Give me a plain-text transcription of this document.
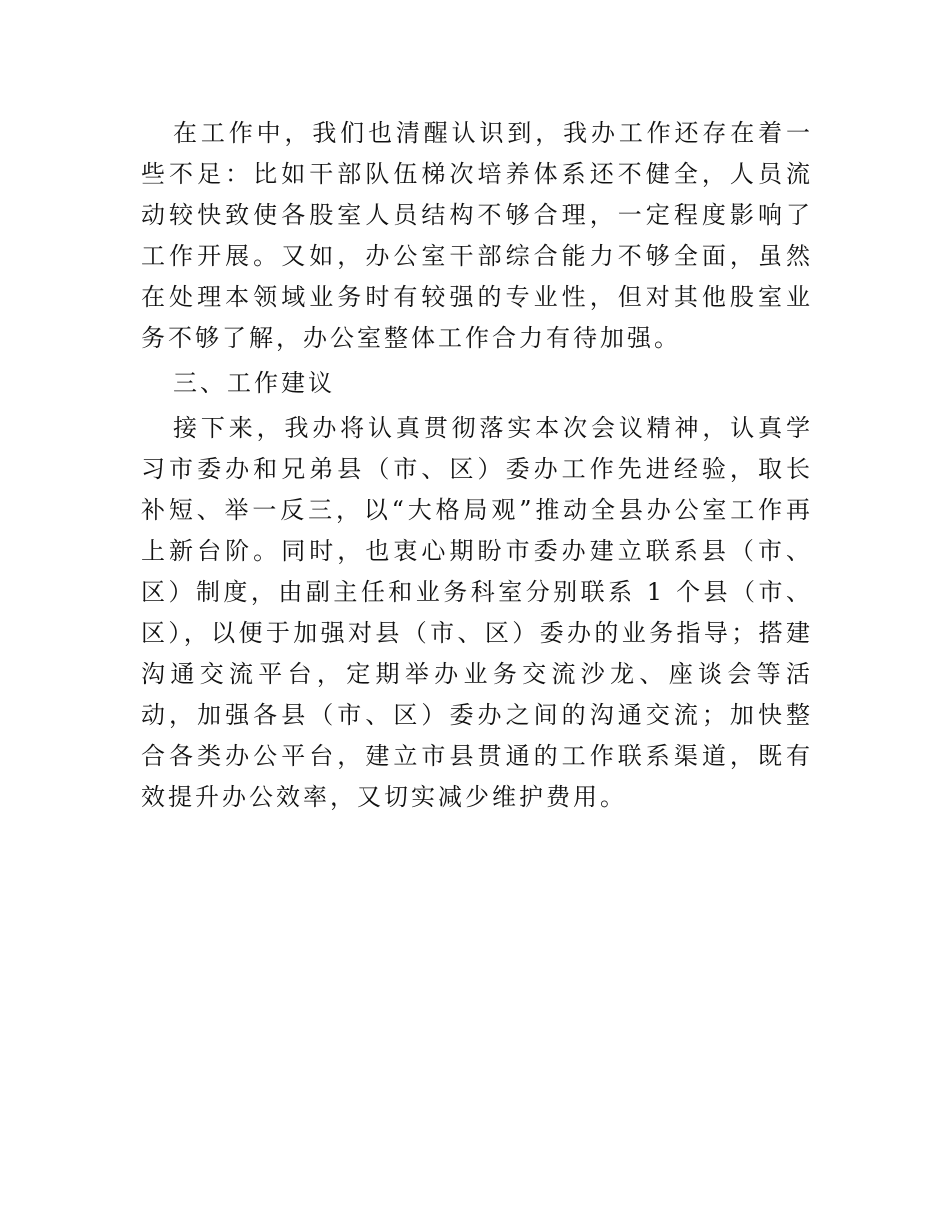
在工作中，我们也清醒认识到，我办工作还存在着一些不足：比如干部队伍梯次培养体系还不健全，人员流动较快致使各股室人员结构不够合理，一定程度影响了工作开展。又如，办公室干部综合能力不够全面，虽然在处理本领域业务时有较强的专业性，但对其他股室业务不够了解，办公室整体工作合力有待加强。

三、工作建议

接下来，我办将认真贯彻落实本次会议精神，认真学习市委办和兄弟县（市、区）委办工作先进经验，取长补短、举一反三，以“大格局观”推动全县办公室工作再上新台阶。同时，也衷心期盼市委办建立联系县（市、区）制度，由副主任和业务科室分别联系 1 个县（市、区），以便于加强对县（市、区）委办的业务指导；搭建沟通交流平台，定期举办业务交流沙龙、座谈会等活动，加强各县（市、区）委办之间的沟通交流；加快整合各类办公平台，建立市县贯通的工作联系渠道，既有效提升办公效率，又切实减少维护费用。
